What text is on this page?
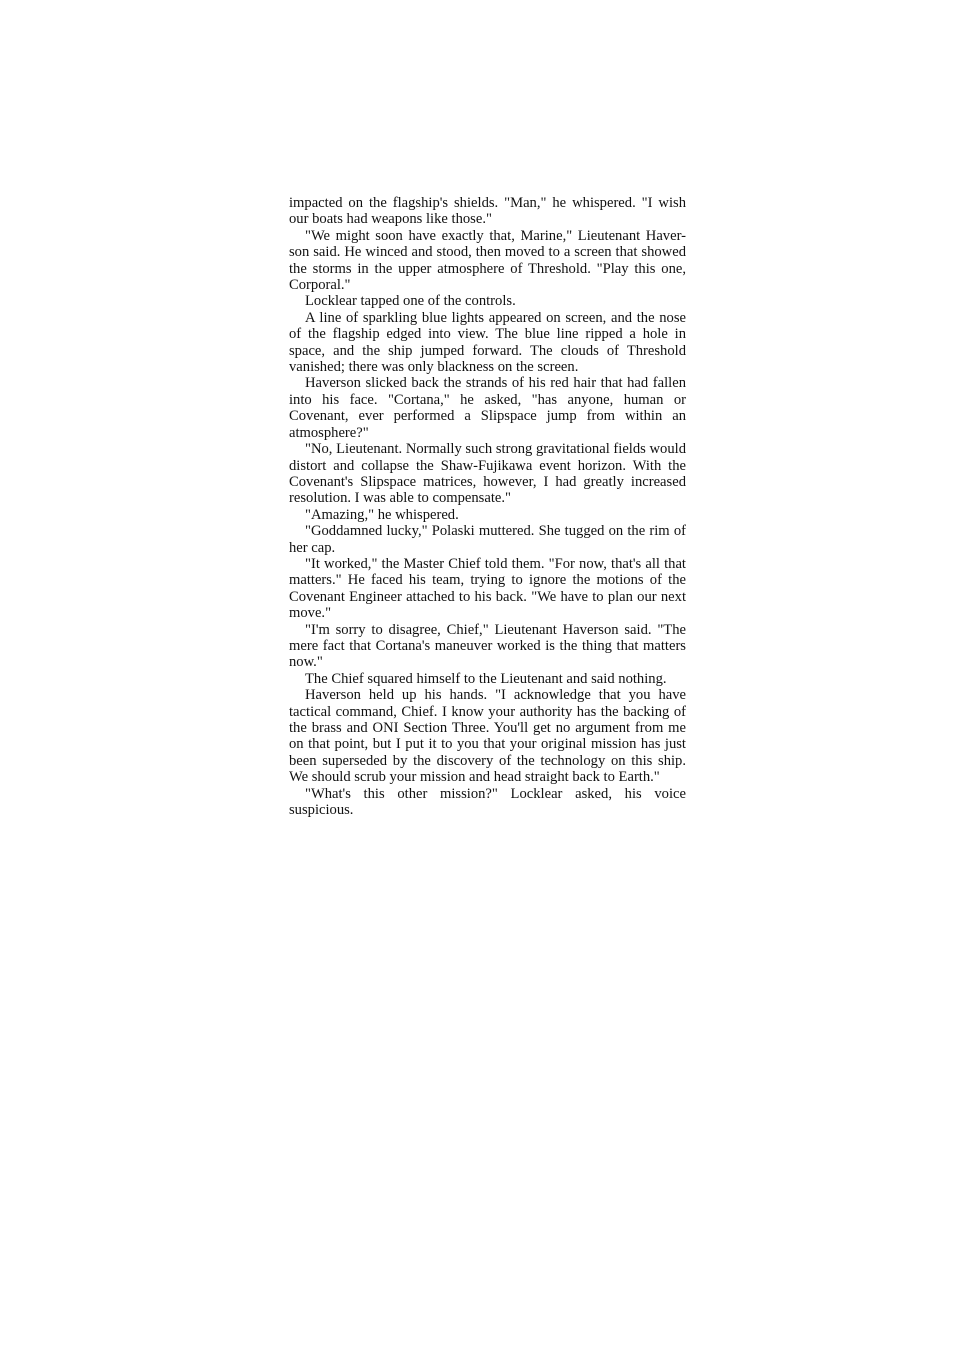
impacted on the flagship's shields. "Man," he whispered. "I wish our boats had weapons like those."

"We might soon have exactly that, Marine," Lieutenant Haver-son said. He winced and stood, then moved to a screen that showed the storms in the upper atmosphere of Threshold. "Play this one, Corporal."

Locklear tapped one of the controls.

A line of sparkling blue lights appeared on screen, and the nose of the flagship edged into view. The blue line ripped a hole in space, and the ship jumped forward. The clouds of Threshold vanished; there was only blackness on the screen.

Haverson slicked back the strands of his red hair that had fallen into his face. "Cortana," he asked, "has anyone, human or Covenant, ever performed a Slipspace jump from within an atmosphere?"

"No, Lieutenant. Normally such strong gravitational fields would distort and collapse the Shaw-Fujikawa event horizon. With the Covenant's Slipspace matrices, however, I had greatly increased resolution. I was able to compensate."

"Amazing," he whispered.

"Goddamned lucky," Polaski muttered. She tugged on the rim of her cap.

"It worked," the Master Chief told them. "For now, that's all that matters." He faced his team, trying to ignore the motions of the Covenant Engineer attached to his back. "We have to plan our next move."

"I'm sorry to disagree, Chief," Lieutenant Haverson said. "The mere fact that Cortana's maneuver worked is the thing that matters now."

The Chief squared himself to the Lieutenant and said nothing.

Haverson held up his hands. "I acknowledge that you have tactical command, Chief. I know your authority has the backing of the brass and ONI Section Three. You'll get no argument from me on that point, but I put it to you that your original mission has just been superseded by the discovery of the technology on this ship. We should scrub your mission and head straight back to Earth."

"What's this other mission?" Locklear asked, his voice suspicious.
